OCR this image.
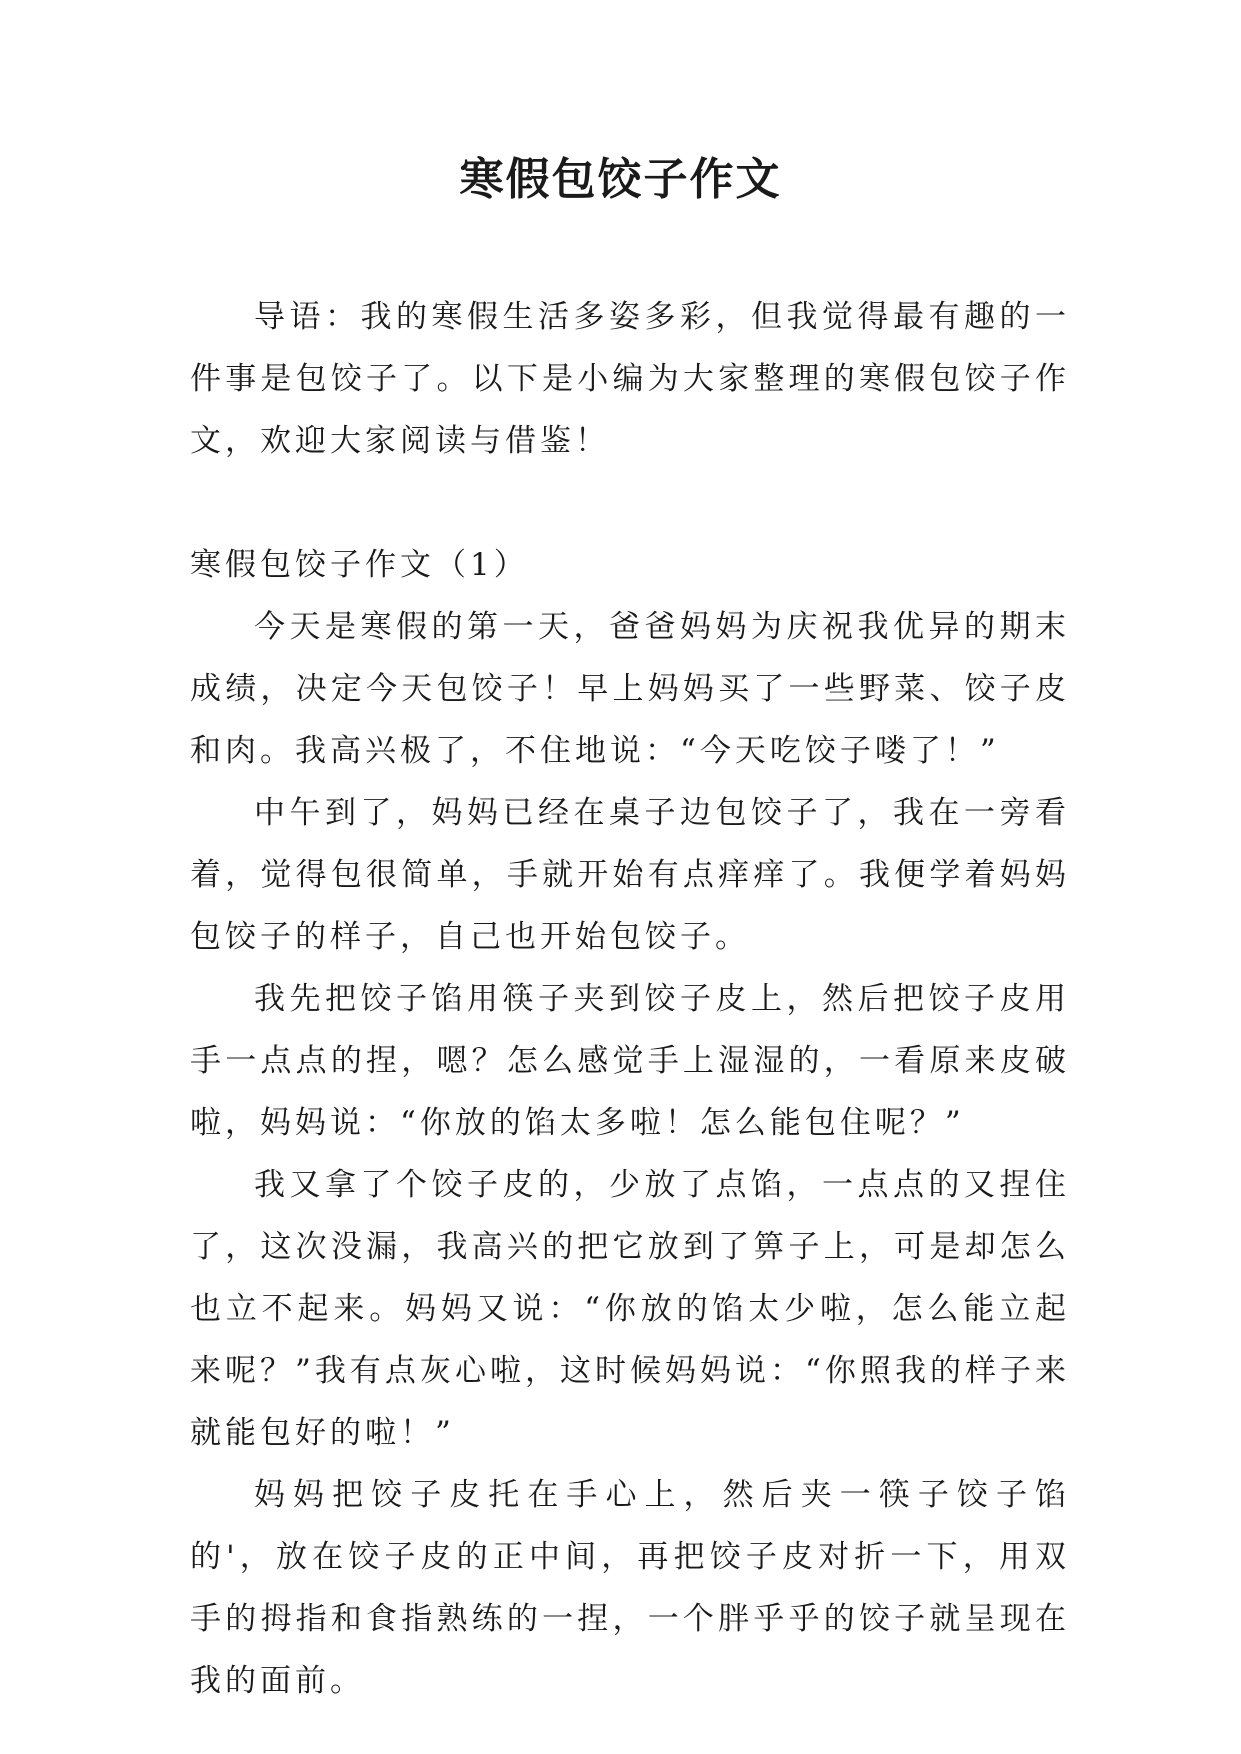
寒假包饺子作文

导语：我的寒假生活多姿多彩，但我觉得最有趣的一件事是包饺子了。以下是小编为大家整理的寒假包饺子作文，欢迎大家阅读与借鉴！

寒假包饺子作文（1）

今天是寒假的第一天，爸爸妈妈为庆祝我优异的期末成绩，决定今天包饺子！早上妈妈买了一些野菜、饺子皮和肉。我高兴极了，不住地说：“今天吃饺子喽了！”

中午到了，妈妈已经在桌子边包饺子了，我在一旁看着，觉得包很简单，手就开始有点痒痒了。我便学着妈妈包饺子的样子，自己也开始包饺子。

我先把饺子馅用筷子夹到饺子皮上，然后把饺子皮用手一点点的捏，嗯？怎么感觉手上湿湿的，一看原来皮破啦，妈妈说：“你放的馅太多啦！怎么能包住呢？”

我又拿了个饺子皮的，少放了点馅，一点点的又捏住了，这次没漏，我高兴的把它放到了箅子上，可是却怎么也立不起来。妈妈又说：“你放的馅太少啦，怎么能立起来呢？”我有点灰心啦，这时候妈妈说：“你照我的样子来就能包好的啦！”

妈妈把饺子皮托在手心上，然后夹一筷子饺子馅的'，放在饺子皮的正中间，再把饺子皮对折一下，用双手的拇指和食指熟练的一捏，一个胖乎乎的饺子就呈现在我的面前。
